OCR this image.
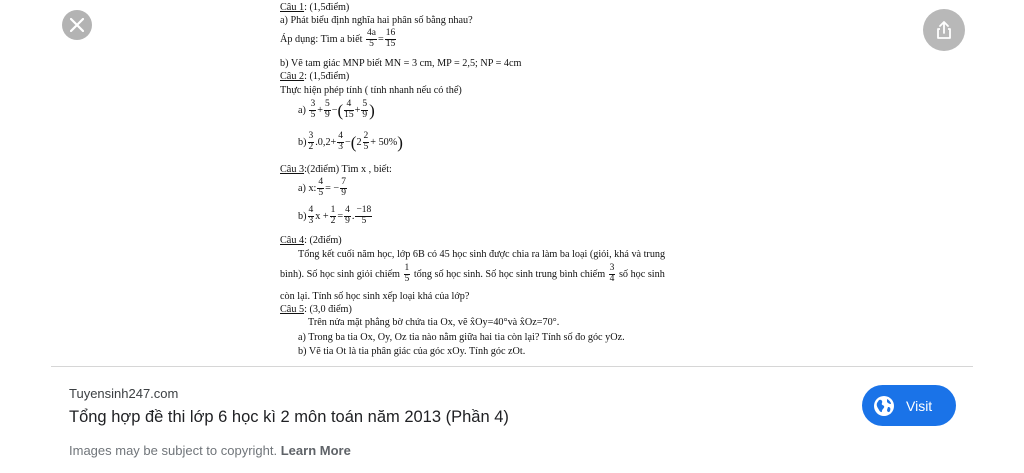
Câu 1: (1,5điểm)
a) Phát biểu định nghĩa hai phân số bằng nhau?
Áp dụng: Tìm a biết $\frac{4a}{5} = \frac{16}{15}$
b) Vẽ tam giác MNP biết MN = 3 cm, MP = 2,5; NP = 4cm
Câu 2: (1,5điểm)
Thực hiện phép tính ( tính nhanh nếu có thể)
$a) \frac{3}{5} + \frac{5}{9}$ −( $\frac{4}{15} + \frac{5}{9}$ )
$b) \frac{3}{2} .0,2+ \frac{4}{3} -(2 \frac{2}{5} + 50\%)$
Câu 3:(2điểm) Tìm x , biết:
a) x: $\frac{4}{5}$ = − $\frac{7}{9}$
$b) \frac{4}{3}$ $x + \frac{1}{2} = \frac{4}{9}$ . $\frac{-18}{5}$
Câu 4: (2điểm)
Tổng kết cuối năm học, lớp 6B có 45 học sinh được chia ra làm ba loại (giỏi, khá và trung
bình). Số học sinh giỏi chiếm $\frac{1}{5}$ tổng số học sinh. Số học sinh trung bình chiếm $\frac{3}{4}$ số học sinh
còn lại. Tính số học sinh xếp loại khá của lớp?
Câu 5: (3,0 điểm)
Trên nửa mặt phẳng bờ chứa tia Ox, vẽ x̂Oy=40°và x̂Oz=70°.
a) Trong ba tia Ox, Oy, Oz tia nào nằm giữa hai tia còn lại? Tính số đo góc yOz.
b) Vẽ tia Ot là tia phân giác của góc xOy. Tính góc zOt.
Tuyensinh247.com
Tổng hợp đề thi lớp 6 học kì 2 môn toán năm 2013 (Phần 4)
Visit
Images may be subject to copyright. Learn More
